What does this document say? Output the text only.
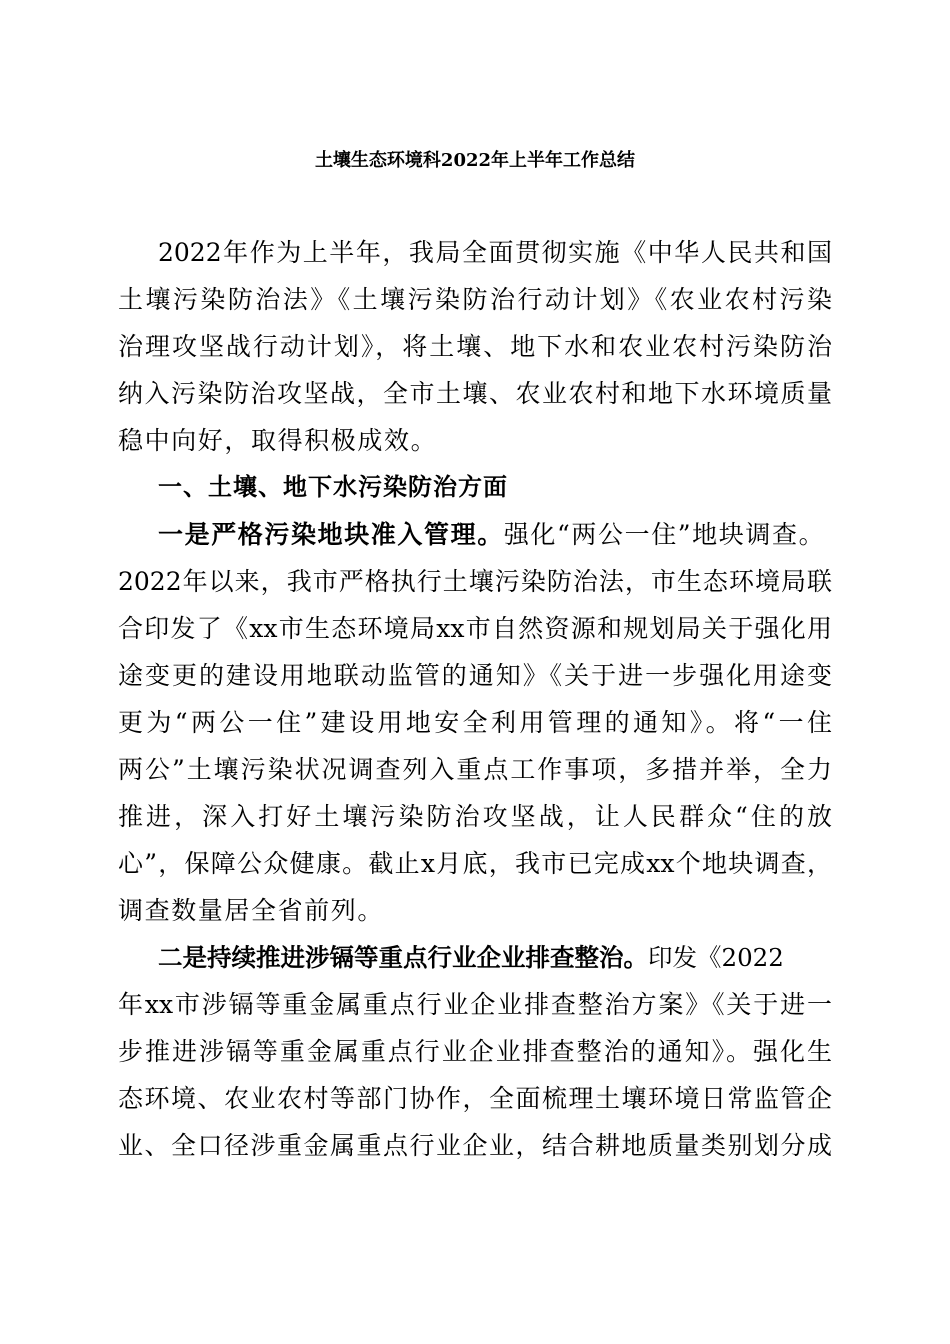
土壤生态环境科2022年上半年工作总结
2022年作为上半年，我局全面贯彻实施《中华人民共和国
土壤污染防治法》《土壤污染防治行动计划》《农业农村污染
治理攻坚战行动计划》，将土壤、地下水和农业农村污染防治
纳入污染防治攻坚战，全市土壤、农业农村和地下水环境质量
稳中向好，取得积极成效。
一、土壤、地下水污染防治方面
一是严格污染地块准入管理。强化“两公一住”地块调查。
2022年以来，我市严格执行土壤污染防治法，市生态环境局联
合印发了《xx市生态环境局xx市自然资源和规划局关于强化用
途变更的建设用地联动监管的通知》《关于进一步强化用途变
更为“两公一住”建设用地安全利用管理的通知》。将“一住
两公”土壤污染状况调查列入重点工作事项，多措并举，全力
推进，深入打好土壤污染防治攻坚战，让人民群众“住的放
心”，保障公众健康。截止x月底，我市已完成xx个地块调查，
调查数量居全省前列。
二是持续推进涉镉等重点行业企业排查整治。印发《2022
年xx市涉镉等重金属重点行业企业排查整治方案》《关于进一
步推进涉镉等重金属重点行业企业排查整治的通知》。强化生
态环境、农业农村等部门协作，全面梳理土壤环境日常监管企
业、全口径涉重金属重点行业企业，结合耕地质量类别划分成
